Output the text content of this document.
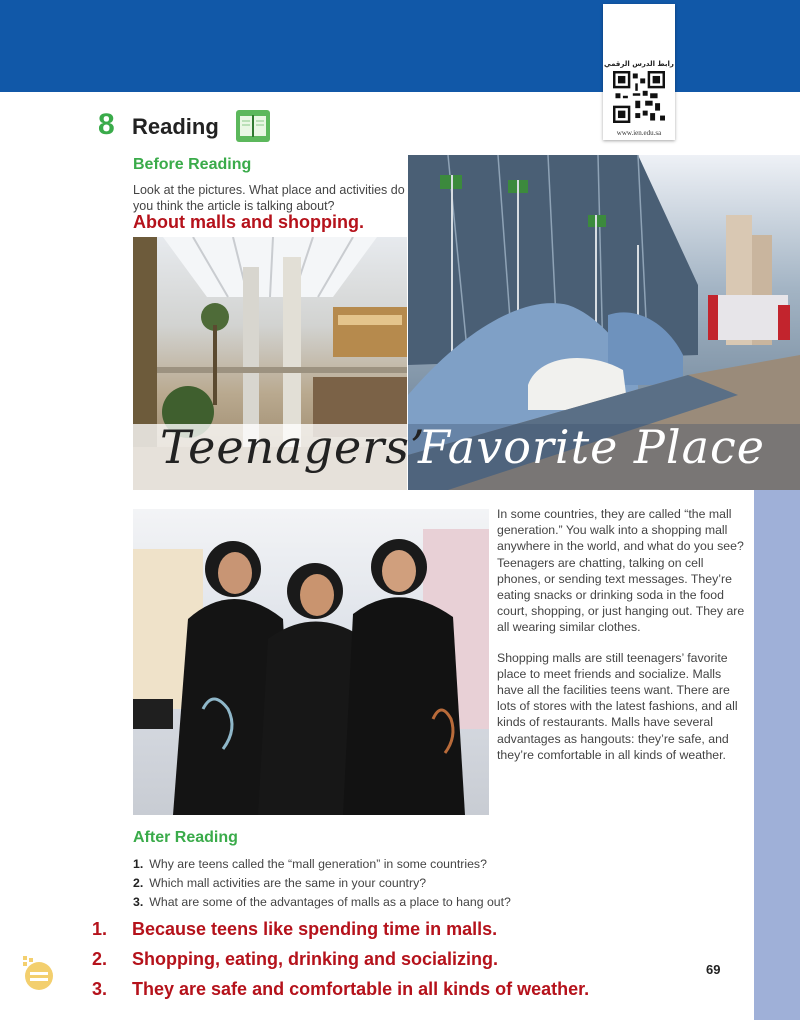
رابط الدرس الرقمي
www.ien.edu.sa
8 Reading
Before Reading
Look at the pictures. What place and activities do you think the article is talking about?
About malls and shopping.
Teenagers’
Favorite Place

In some countries, they are called “the mall generation.” You walk into a shopping mall anywhere in the world, and what do you see? Teenagers are chatting, talking on cell phones, or sending text messages. They’re eating snacks or drinking soda in the food court, shopping, or just hanging out. They are all wearing similar clothes.

Shopping malls are still teenagers’ favorite place to meet friends and socialize. Malls have all the facilities teens want. There are lots of stores with the latest fashions, and all kinds of restaurants. Malls have several advantages as hangouts: they’re safe, and they’re comfortable in all kinds of weather.

After Reading
1. Why are teens called the “mall generation” in some countries?
2. Which mall activities are the same in your country?
3. What are some of the advantages of malls as a place to hang out?
1. Because teens like spending time in malls.
2. Shopping, eating, drinking and socializing.
3. They are safe and comfortable in all kinds of weather.
69
